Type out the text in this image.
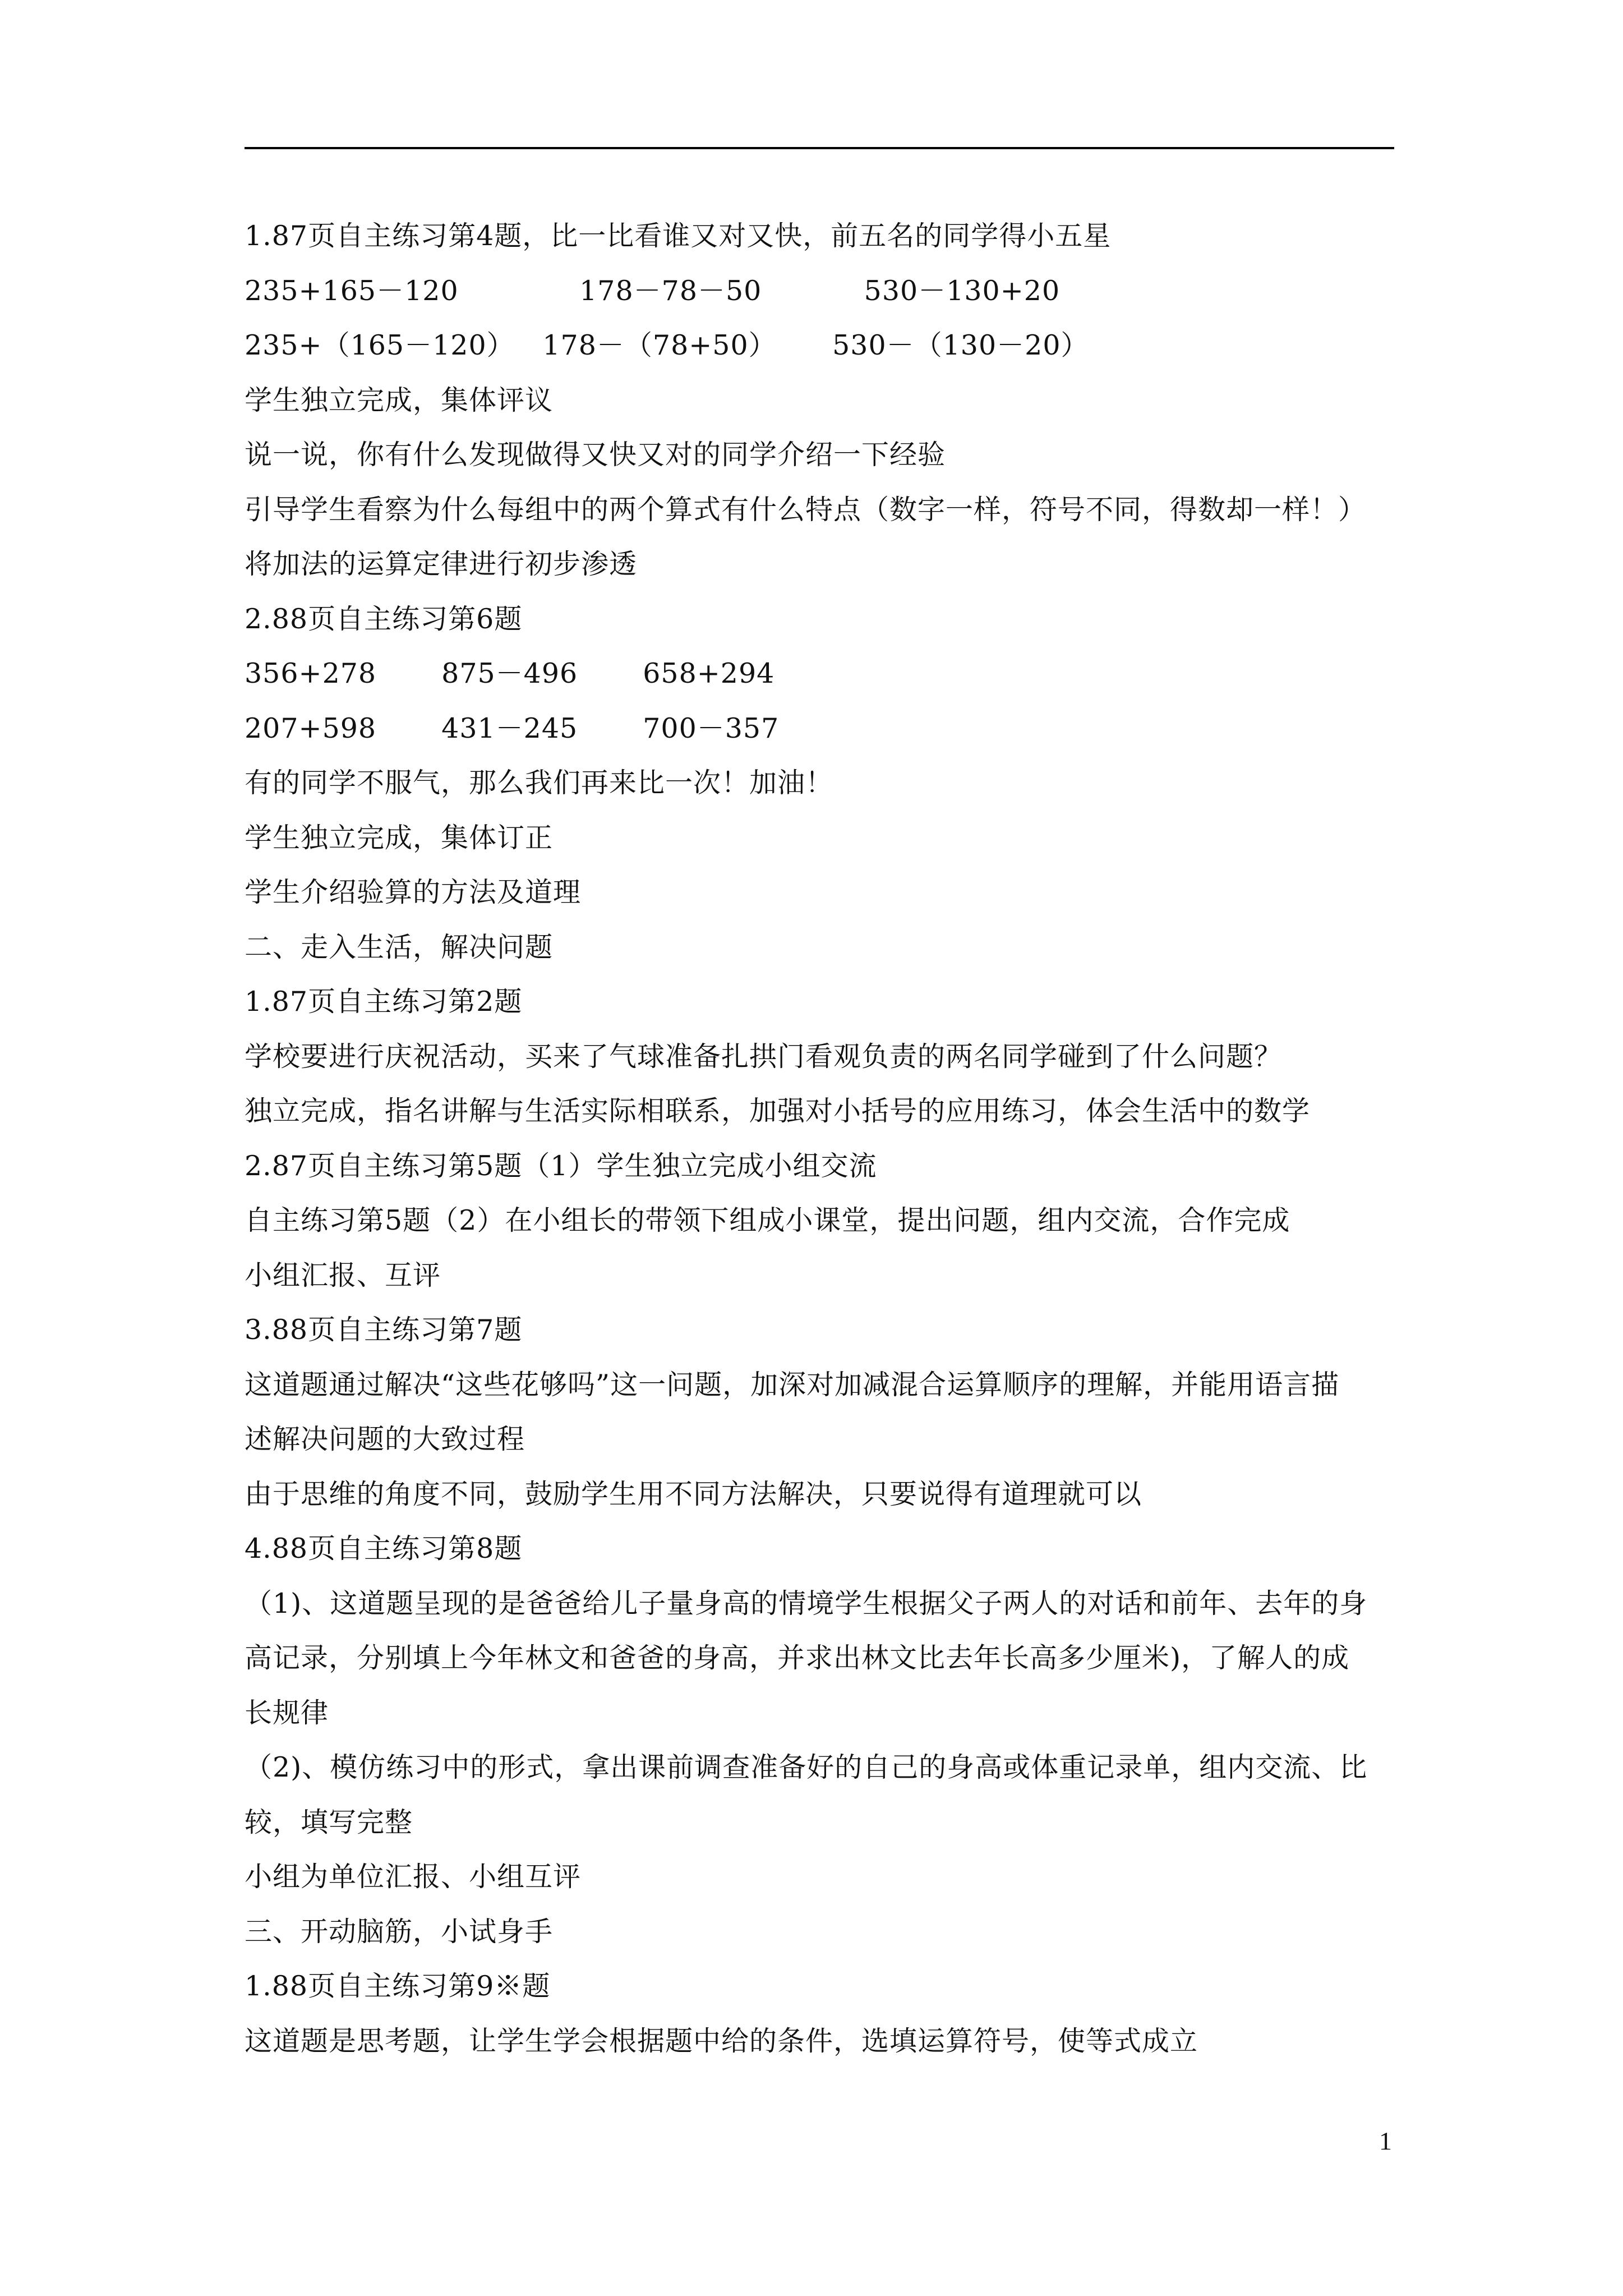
1.87页自主练习第4题，比一比看谁又对又快，前五名的同学得小五星
235+165－120             178－78－50           530－130+20
235+（165－120）   178－（78+50）      530－（130－20）
学生独立完成，集体评议
说一说，你有什么发现做得又快又对的同学介绍一下经验
引导学生看察为什么每组中的两个算式有什么特点（数字一样，符号不同，得数却一样！）
将加法的运算定律进行初步渗透
2.88页自主练习第6题
356+278       875－496       658+294
207+598       431－245       700－357
有的同学不服气，那么我们再来比一次！加油！
学生独立完成，集体订正
学生介绍验算的方法及道理
二、走入生活，解决问题
1.87页自主练习第2题
学校要进行庆祝活动，买来了气球准备扎拱门看观负责的两名同学碰到了什么问题？
独立完成，指名讲解与生活实际相联系，加强对小括号的应用练习，体会生活中的数学
2.87页自主练习第5题（1）学生独立完成小组交流
自主练习第5题（2）在小组长的带领下组成小课堂，提出问题，组内交流，合作完成
小组汇报、互评
3.88页自主练习第7题
这道题通过解决“这些花够吗”这一问题，加深对加减混合运算顺序的理解，并能用语言描
述解决问题的大致过程
由于思维的角度不同，鼓励学生用不同方法解决，只要说得有道理就可以
4.88页自主练习第8题
（1)、这道题呈现的是爸爸给儿子量身高的情境学生根据父子两人的对话和前年、去年的身
高记录，分别填上今年林文和爸爸的身高，并求出林文比去年长高多少厘米)，了解人的成
长规律
（2)、模仿练习中的形式，拿出课前调查准备好的自己的身高或体重记录单，组内交流、比
较，填写完整
小组为单位汇报、小组互评
三、开动脑筋，小试身手
1.88页自主练习第9※题
这道题是思考题，让学生学会根据题中给的条件，选填运算符号，使等式成立
1
